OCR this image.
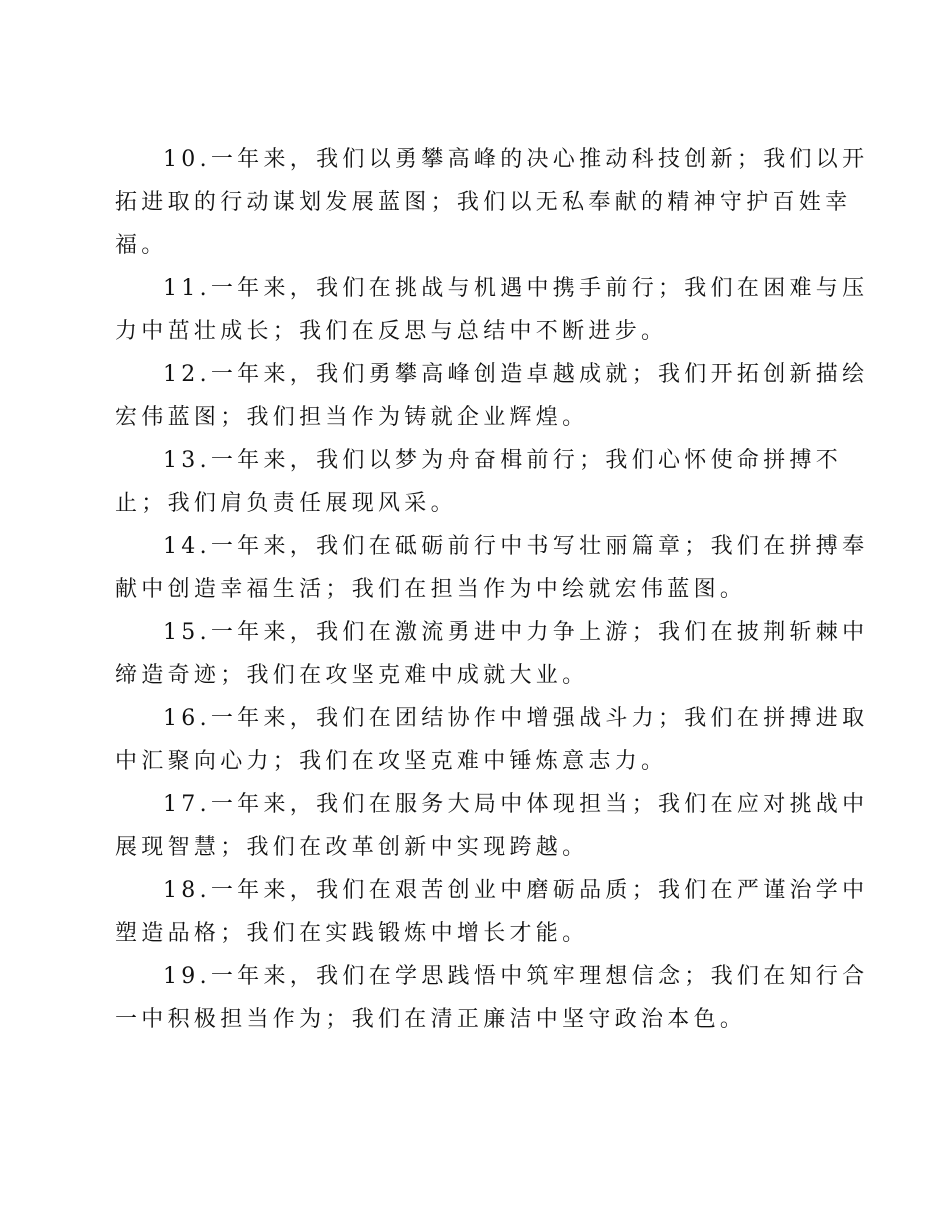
10.一年来，我们以勇攀高峰的决心推动科技创新；我们以开
拓进取的行动谋划发展蓝图；我们以无私奉献的精神守护百姓幸
福。
11.一年来，我们在挑战与机遇中携手前行；我们在困难与压
力中茁壮成长；我们在反思与总结中不断进步。
12.一年来，我们勇攀高峰创造卓越成就；我们开拓创新描绘
宏伟蓝图；我们担当作为铸就企业辉煌。
13.一年来，我们以梦为舟奋楫前行；我们心怀使命拼搏不
止；我们肩负责任展现风采。
14.一年来，我们在砥砺前行中书写壮丽篇章；我们在拼搏奉
献中创造幸福生活；我们在担当作为中绘就宏伟蓝图。
15.一年来，我们在激流勇进中力争上游；我们在披荆斩棘中
缔造奇迹；我们在攻坚克难中成就大业。
16.一年来，我们在团结协作中增强战斗力；我们在拼搏进取
中汇聚向心力；我们在攻坚克难中锤炼意志力。
17.一年来，我们在服务大局中体现担当；我们在应对挑战中
展现智慧；我们在改革创新中实现跨越。
18.一年来，我们在艰苦创业中磨砺品质；我们在严谨治学中
塑造品格；我们在实践锻炼中增长才能。
19.一年来，我们在学思践悟中筑牢理想信念；我们在知行合
一中积极担当作为；我们在清正廉洁中坚守政治本色。
